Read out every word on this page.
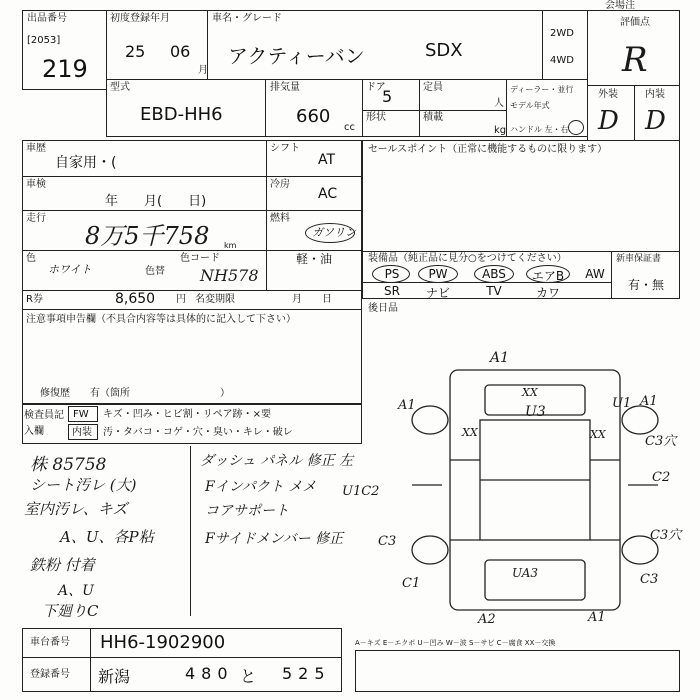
出品番号
[2053]
219
初度登録年月
25 06
月
車名・グレード
アクティーバン	SDX
2WD
4WD
会場注
評価点
R
型式
EBD-HH6
排気量
660
cc
ドア
5	定員
人
形状	積載
kg
ディーラー・並行
モデル年式
ハンドル 左・右
外装
D
内装
D
車歴
自家用・(
シフト
AT
車検
年　　月(　　日)
冷房
AC
走行
8万5千758 km
燃料
ガソリン
軽・油
色
ホワイト	色替
色コード
NH578
R券	8,650 円 名変期限	月　　日
セールスポイント（正常に機能するものに限ります）
装備品（純正品に見分○をつけてください）	新車保証書
有・無
PS	PW	ABS	エアB	AW
SR	ナビ	TV	カワ
後日品
注意事項申告欄（不具合内容等は具体的に記入して下さい）
修復歴　　有（箇所　　　　　　　　　）
検査員記入欄
FW キズ・凹み・ヒビ割・リペア跡・×要
内装 汚・タバコ・コゲ・穴・臭い・キレ・破レ
株 85758
シート汚レ (大)
室内汚レ、キズ
A、U、各P粘
鉄粉 付着
A、U
下廻りC
ダッシュ パネル 修正 左
Fインパクト メメ
コアサポート
Fサイドメンバー 修正
A1
XX
U3
A1
U1C2
C3穴
C2
C3穴
C3
C1
UA3	C3
A2	A1
A1
XX	XX
U1
車台番号 HH6-1902900
登録番号 新潟	480 と 525
A－キズ E－エクボ U－凹み W－波 S－サビ C－腐食 XX－交換
